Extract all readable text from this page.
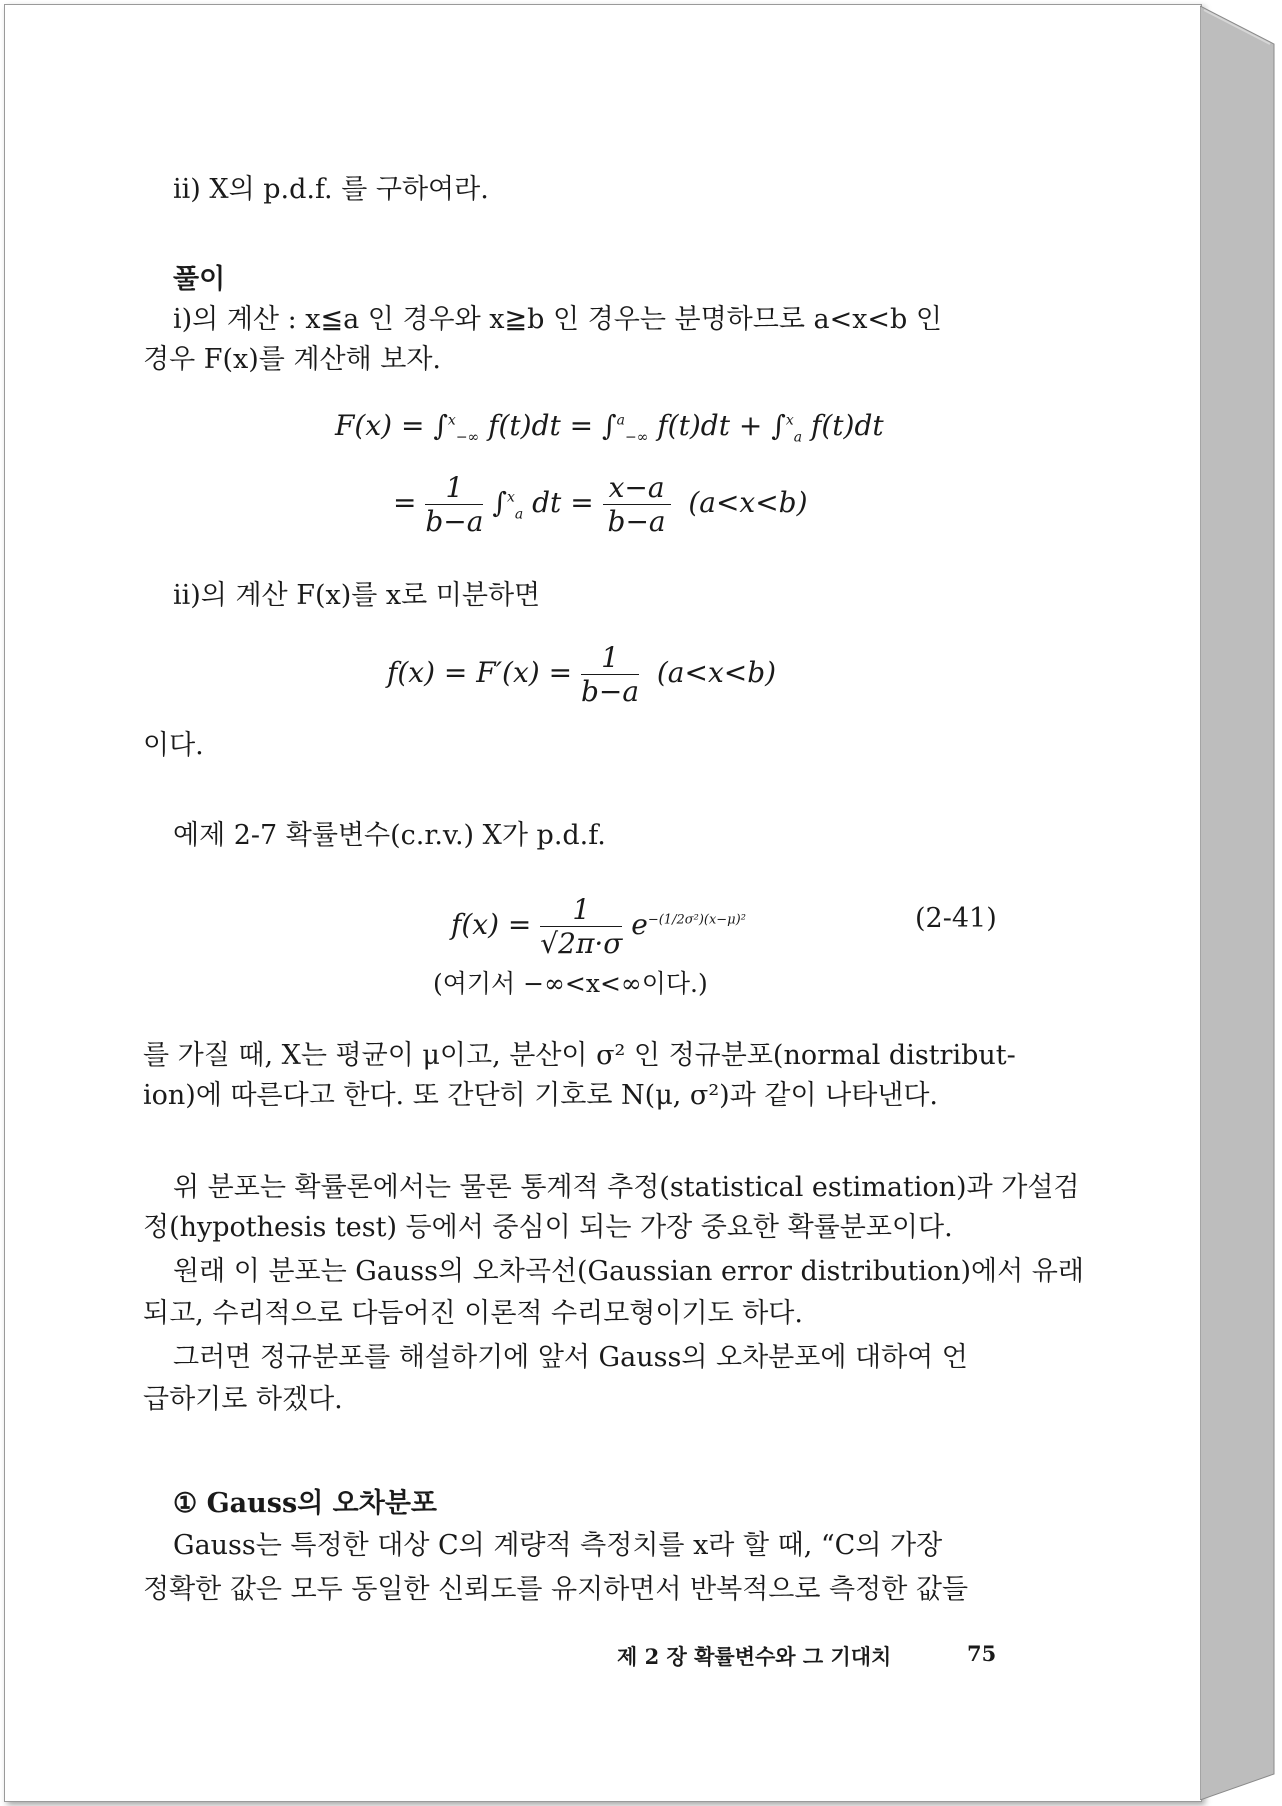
ii) X의 p.d.f. 를 구하여라.
풀이
i)의 계산 : x≦a 인 경우와 x≧b 인 경우는 분명하므로 a<x<b 인
경우 F(x)를 계산해 보자.
F(x) = ∫$^x_{-\infty}$ f(t)dt = ∫$^a_{-\infty}$ f(t)dt + ∫$^x_a$ f(t)dt
= $\frac{1}{b-a} \int^x_a$ dt = $\frac{x-a}{b-a} (a<x<b)$
ii)의 계산 F(x)를 x로 미분하면
$f(x) = F'(x) = \frac{1}{b-a} (a<x<b)$
이다.
예제 2-7 확률변수(c.r.v.) X가 p.d.f.
$f(x) = \frac{1}{√2\pi\cdot\sigma} e^{-(1/2\sigma^2)(x-\mu)^2}$	(2-41)
(여기서 −∞<x<∞이다.)
를 가질 때, X는 평균이 μ이고, 분산이 σ² 인 정규분포(normal distribut-
ion)에 따른다고 한다. 또 간단히 기호로 N(μ, σ²)과 같이 나타낸다.
위 분포는 확률론에서는 물론 통계적 추정(statistical estimation)과 가설검
정(hypothesis test) 등에서 중심이 되는 가장 중요한 확률분포이다.
원래 이 분포는 Gauss의 오차곡선(Gaussian error distribution)에서 유래
되고, 수리적으로 다듬어진 이론적 수리모형이기도 하다.
그러면 정규분포를 해설하기에 앞서 Gauss의 오차분포에 대하여 언
급하기로 하겠다.
① Gauss의 오차분포
Gauss는 특정한 대상 C의 계량적 측정치를 x라 할 때, “C의 가장
정확한 값은 모두 동일한 신뢰도를 유지하면서 반복적으로 측정한 값들
제 2 장 확률변수와 그 기대치	75
